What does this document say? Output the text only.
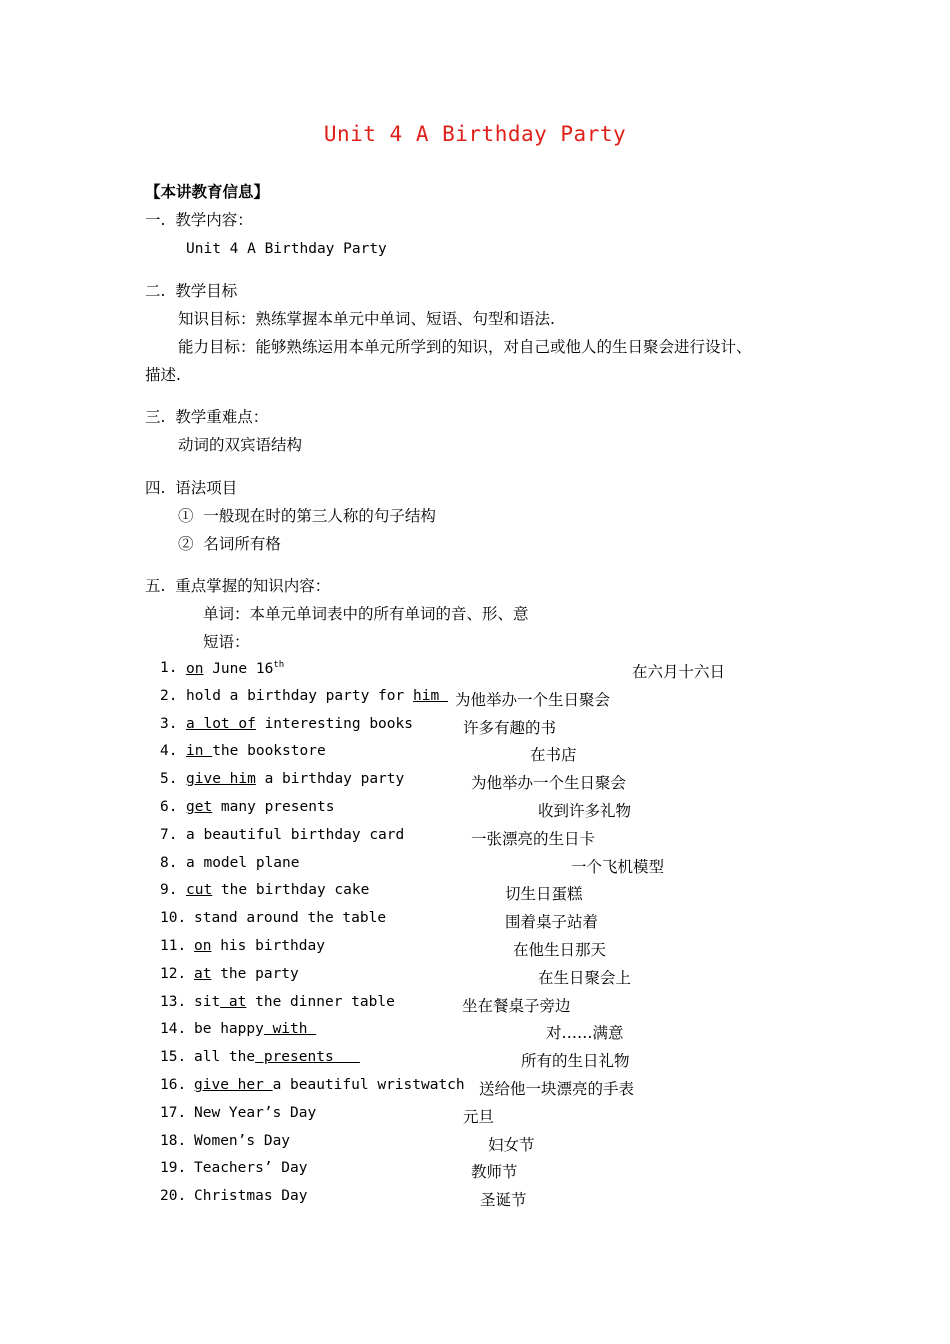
Unit 4 A Birthday Party
【本讲教育信息】
一.  教学内容：
Unit 4 A Birthday Party
二.  教学目标
知识目标：熟练掌握本单元中单词、短语、句型和语法.
能力目标：能够熟练运用本单元所学到的知识，对自己或他人的生日聚会进行设计、
描述.
三.  教学重难点：
动词的双宾语结构
四.  语法项目
①  一般现在时的第三人称的句子结构
②  名词所有格
五.  重点掌握的知识内容：
单词：本单元单词表中的所有单词的音、形、意
短语：
1. on June 16th	在六月十六日
2. hold a birthday party for him 为他举办一个生日聚会
3. a lot of interesting books	许多有趣的书
4. in the bookstore	在书店
5. give him a birthday party	为他举办一个生日聚会
6. get many presents	收到许多礼物
7. a beautiful birthday card	一张漂亮的生日卡
8. a model plane	一个飞机模型
9. cut the birthday cake	切生日蛋糕
10. stand around the table	围着桌子站着
11. on his birthday	在他生日那天
12. at the party	在生日聚会上
13. sit at the dinner table	坐在餐桌子旁边
14. be happy with	对……满意
15. all the presents	所有的生日礼物
16. give her a beautiful wristwatch 送给他一块漂亮的手表
17. New Year’s Day	元旦
18. Women’s Day	妇女节
19. Teachers’ Day	教师节
20. Christmas Day	圣诞节
